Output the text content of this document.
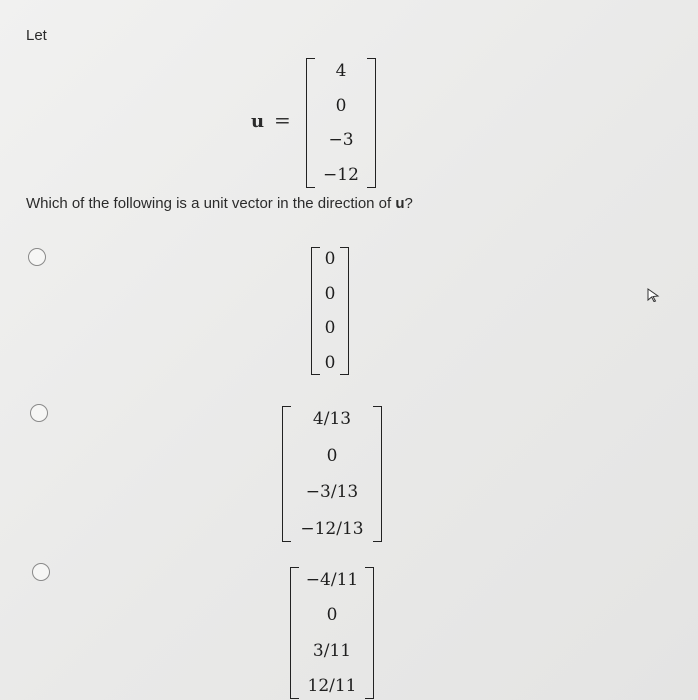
Let
u =
4
0
−3
−12
Which of the following is a unit vector in the direction of u?
0
0
0
0
4/13
0
−3/13
−12/13
−4/11
0
3/11
12/11
